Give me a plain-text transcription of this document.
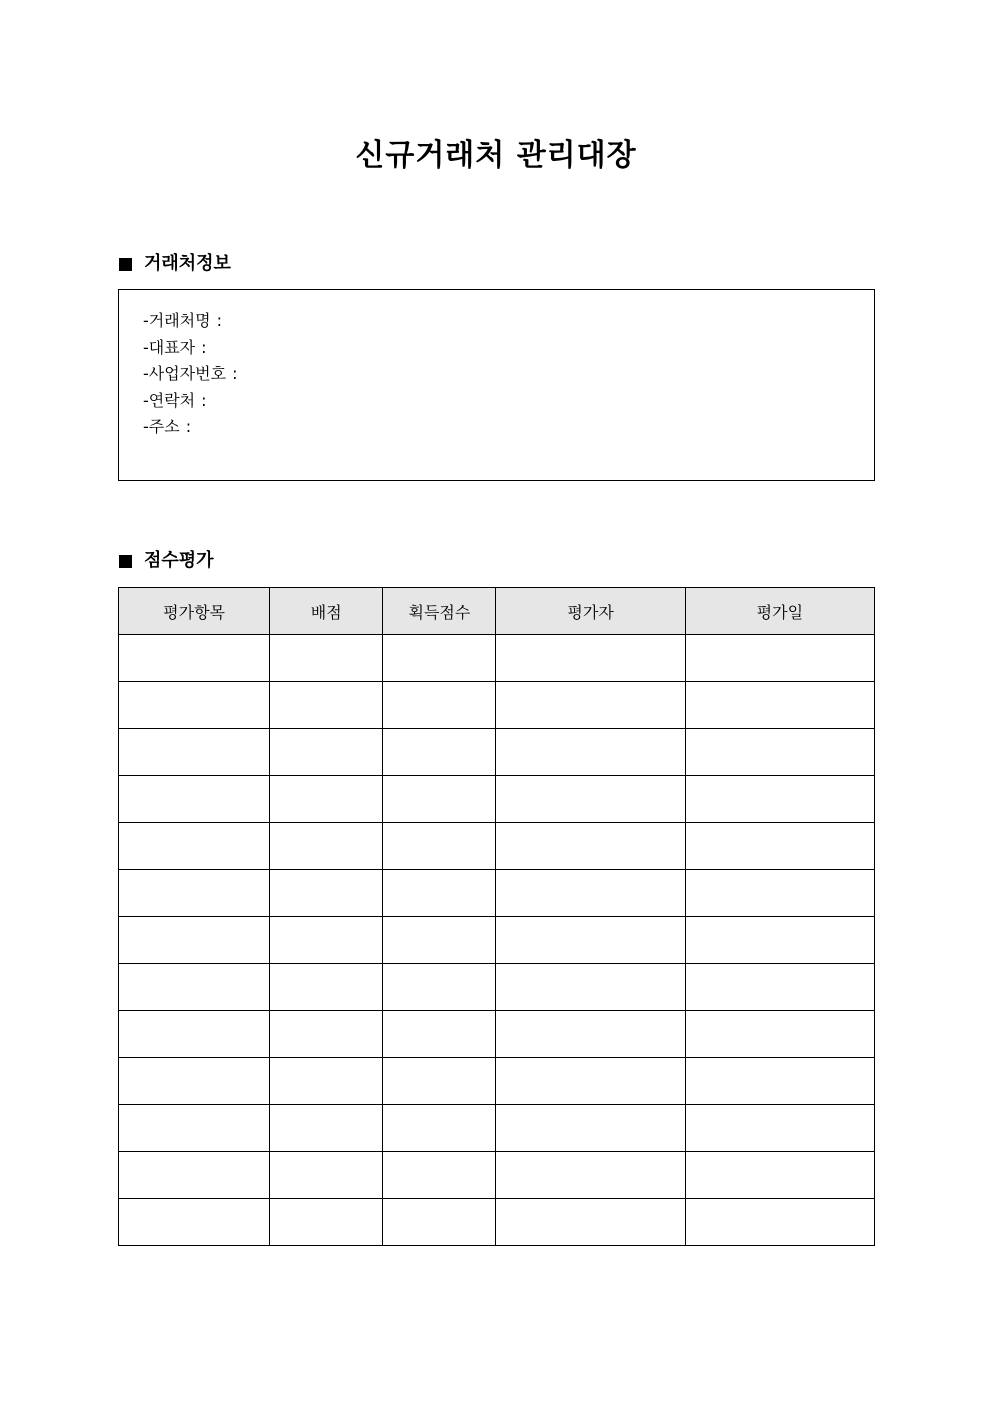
신규거래처 관리대장
거래처정보
-거래처명 :
-대표자 :
-사업자번호 :
-연락처 :
-주소 :
점수평가
평가항목	배점	획득점수	평가자	평가일
